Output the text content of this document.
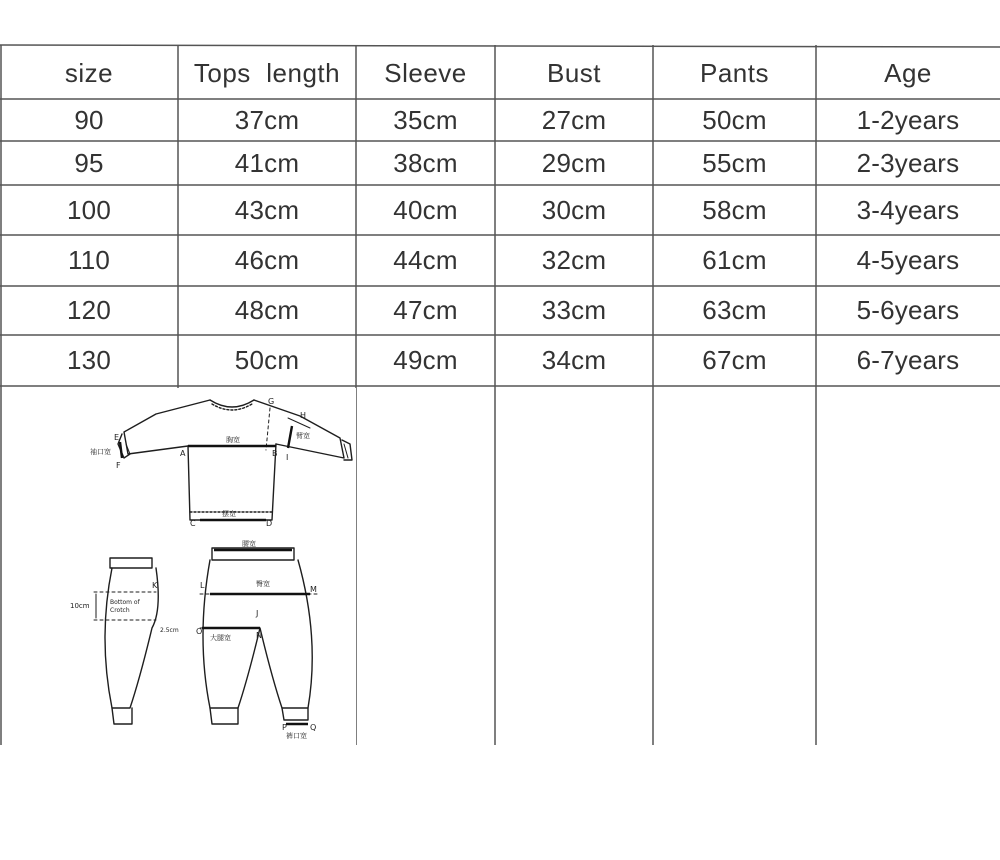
size	Tops  length	Sleeve	Bust	Pants	Age
90	37cm	35cm	27cm	50cm	1-2years
95	41cm	38cm	29cm	55cm	2-3years
100	43cm	40cm	30cm	58cm	3-4years
110	46cm	44cm	32cm	61cm	4-5years
120	48cm	47cm	33cm	63cm	5-6years
130	50cm	49cm	34cm	67cm	6-7years
A	B
C	D
E
F
G
H
I
J
K	L	M
N
O
P	Q
胸宽	臂宽
袖口宽
摆宽
腰宽
臀宽
大腿宽
裤口宽
10cm	Bottom of
Crotch
2.5cm
